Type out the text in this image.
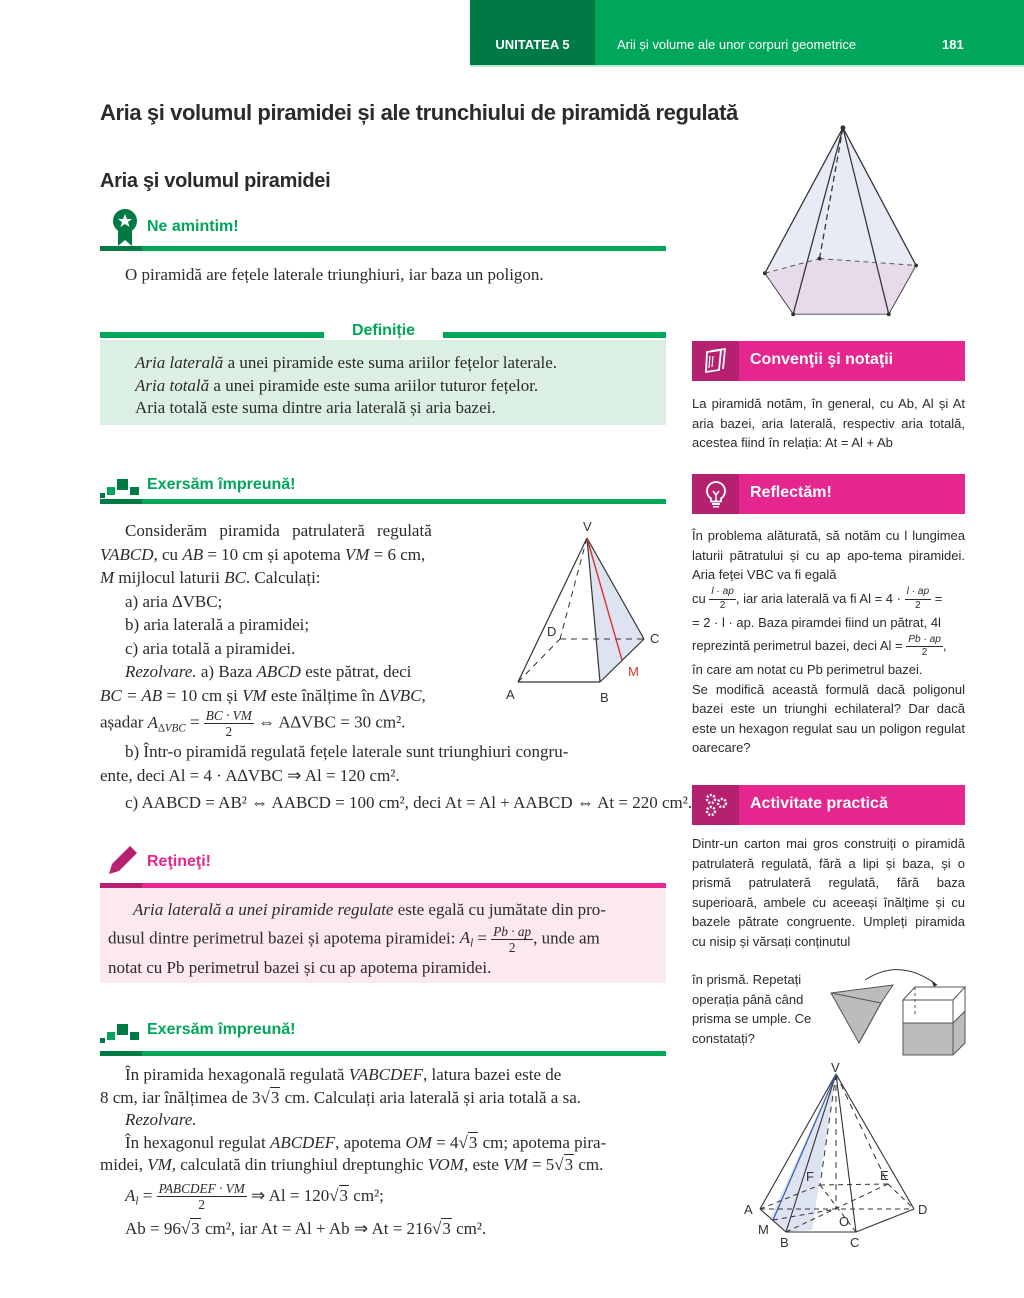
UNITATEA 5	Arii și volume ale unor corpuri geometrice	181
Aria şi volumul piramidei și ale trunchiului de piramidă regulată
Aria şi volumul piramidei
Ne amintim!
O piramidă are fețele laterale triunghiuri, iar baza un poligon.
Definiție
Aria laterală a unei piramide este suma ariilor fețelor laterale.
Aria totală a unei piramide este suma ariilor tuturor fețelor.
Aria totală este suma dintre aria laterală și aria bazei.
Exersăm împreună!
Considerăm piramida patrulateră regulată
VABCD, cu AB = 10 cm și apotema VM = 6 cm,
M mijlocul laturii BC. Calculați:
a) aria ∆VBC;
b) aria laterală a piramidei;
c) aria totală a piramidei.
Rezolvare. a) Baza ABCD este pătrat, deci
BC = AB = 10 cm și VM este înălțime în ∆VBC,
așadar $A_{\Delta VBC} = \frac{BC \cdot VM}{2}$ ⇔ A∆VBC = 30 cm².
b) Într-o piramidă regulată fețele laterale sunt triunghiuri congru-
ente, deci Al = 4 · A∆VBC ⇒ Al = 120 cm².
c) AABCD = AB² ⇔ AABCD = 100 cm², deci At = Al + AABCD ⇔ At = 220 cm².
V
A	B
C
D
M
Reţineţi!
Aria laterală a unei piramide regulate este egală cu jumătate din pro-
dusul dintre perimetrul bazei și apotema piramidei: $A_l = \frac{Pb \cdot ap}{2}$ , unde am
notat cu Pb perimetrul bazei și cu ap apotema piramidei.
Exersăm împreună!
În piramida hexagonală regulată VABCDEF, latura bazei este de
8 cm, iar înălțimea de 3√3 cm. Calculați aria laterală și aria totală a sa.
Rezolvare.
În hexagonul regulat ABCDEF, apotema OM = 4√3 cm; apotema pira-
midei, VM, calculată din triunghiul dreptunghic VOM, este VM = 5√3 cm.
$A_l = \frac{\text{PABCDEF · VM}}{2}$ ⇒ Al = 120√3 cm²;
Ab = 96√3 cm², iar At = Al + Ab ⇒ At = 216√3 cm².
V
A
B	C
D
E
F
O
M
Convenţii şi notaţii
La piramidă notăm, în general, cu Ab, Al și At aria bazei, aria laterală, respectiv aria totală, acestea fiind în relația: At = Al + Ab
Reflectăm!
În problema alăturată, să notăm cu l lungimea laturii pătratului și cu ap apo-tema piramidei. Aria feței VBC va fi egală
cu $\frac{l \cdot ap}{2}$ , iar aria laterală va fi $Al = 4 \cdot \frac{l \cdot ap}{2}$ =
= 2 · l · ap. Baza piramdei fiind un pătrat, 4l
reprezintă perimetrul bazei, deci $Al = \frac{Pb \cdot ap}{2}$ ,
în care am notat cu Pb perimetrul bazei.
Se modifică această formulă dacă poligonul bazei este un triunghi echilateral? Dar dacă este un hexagon regulat sau un poligon regulat oarecare?
Activitate practică
Dintr-un carton mai gros construiți o piramidă patrulateră regulată, fără a lipi și baza, și o prismă patrulateră regulată, fără baza superioară, ambele cu aceeași înălțime și cu bazele pătrate congruente. Umpleți piramida cu nisip și vărsați conținutul
în prismă. Repetați operația până când prisma se umple. Ce constatați?
